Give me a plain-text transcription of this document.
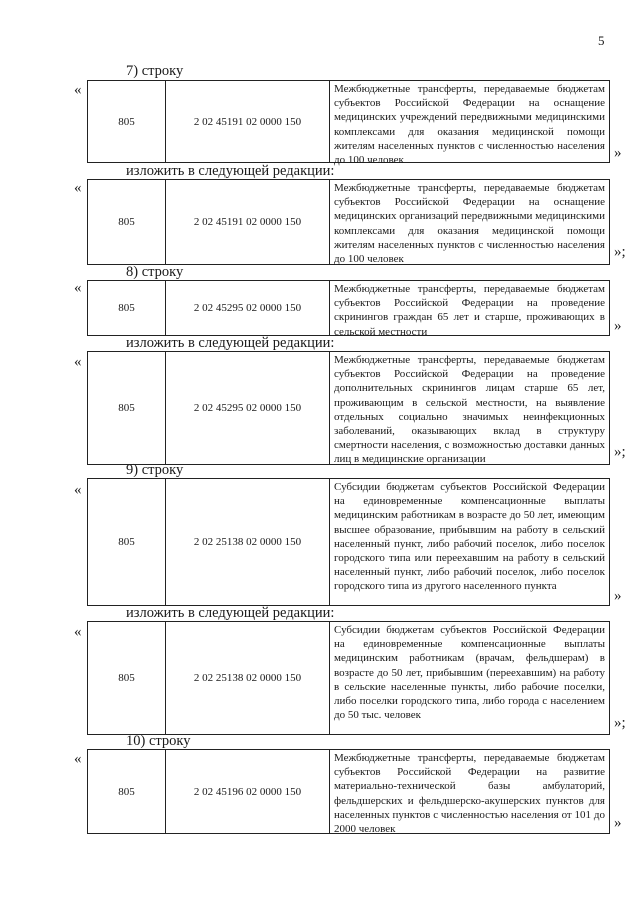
5
7) строку
«
805	2 02 45191 02 0000 150
Межбюджетные трансферты, передаваемые бюджетам субъектов Российской Федерации на оснащение медицинских учреждений передвижными медицинскими комплексами для оказания медицинской помощи жителям населенных пунктов с численностью населения до 100 человек	»
изложить в следующей редакции:
«
805	2 02 45191 02 0000 150
Межбюджетные трансферты, передаваемые бюджетам субъектов Российской Федерации на оснащение медицинских организаций передвижными медицинскими комплексами для оказания медицинской помощи жителям населенных пунктов с численностью населения до 100 человек	»;
8) строку
«
805	2 02 45295 02 0000 150
Межбюджетные трансферты, передаваемые бюджетам субъектов Российской Федерации на проведение скринингов граждан 65 лет и старше, проживающих в сельской местности	»
изложить в следующей редакции:
«
805	2 02 45295 02 0000 150
Межбюджетные трансферты, передаваемые бюджетам субъектов Российской Федерации на проведение дополнительных скринингов лицам старше 65 лет, проживающим в сельской местности, на выявление отдельных социально значимых неинфекционных заболеваний, оказывающих вклад в структуру смертности населения, с возможностью доставки данных лиц в медицинские организации	»;
9) строку
«
805	2 02 25138 02 0000 150
Субсидии бюджетам субъектов Российской Федерации на единовременные компенсационные выплаты медицинским работникам в возрасте до 50 лет, имеющим высшее образование, прибывшим на работу в сельский населенный пункт, либо рабочий поселок, либо поселок городского типа или переехавшим на работу в сельский населенный пункт, либо рабочий поселок, либо поселок городского типа из другого населенного пункта
»
изложить в следующей редакции:
«
805	2 02 25138 02 0000 150
Субсидии бюджетам субъектов Российской Федерации на единовременные компенсационные выплаты медицинским работникам (врачам, фельдшерам) в возрасте до 50 лет, прибывшим (переехавшим) на работу в сельские населенные пункты, либо рабочие поселки, либо поселки городского типа, либо города с населением до 50 тыс. человек	»;
10) строку
«
805	2 02 45196 02 0000 150
Межбюджетные трансферты, передаваемые бюджетам субъектов Российской Федерации на развитие материально-технической базы амбулаторий, фельдшерских и фельдшерско-акушерских пунктов для населенных пунктов с численностью населения от 101 до 2000 человек	»
